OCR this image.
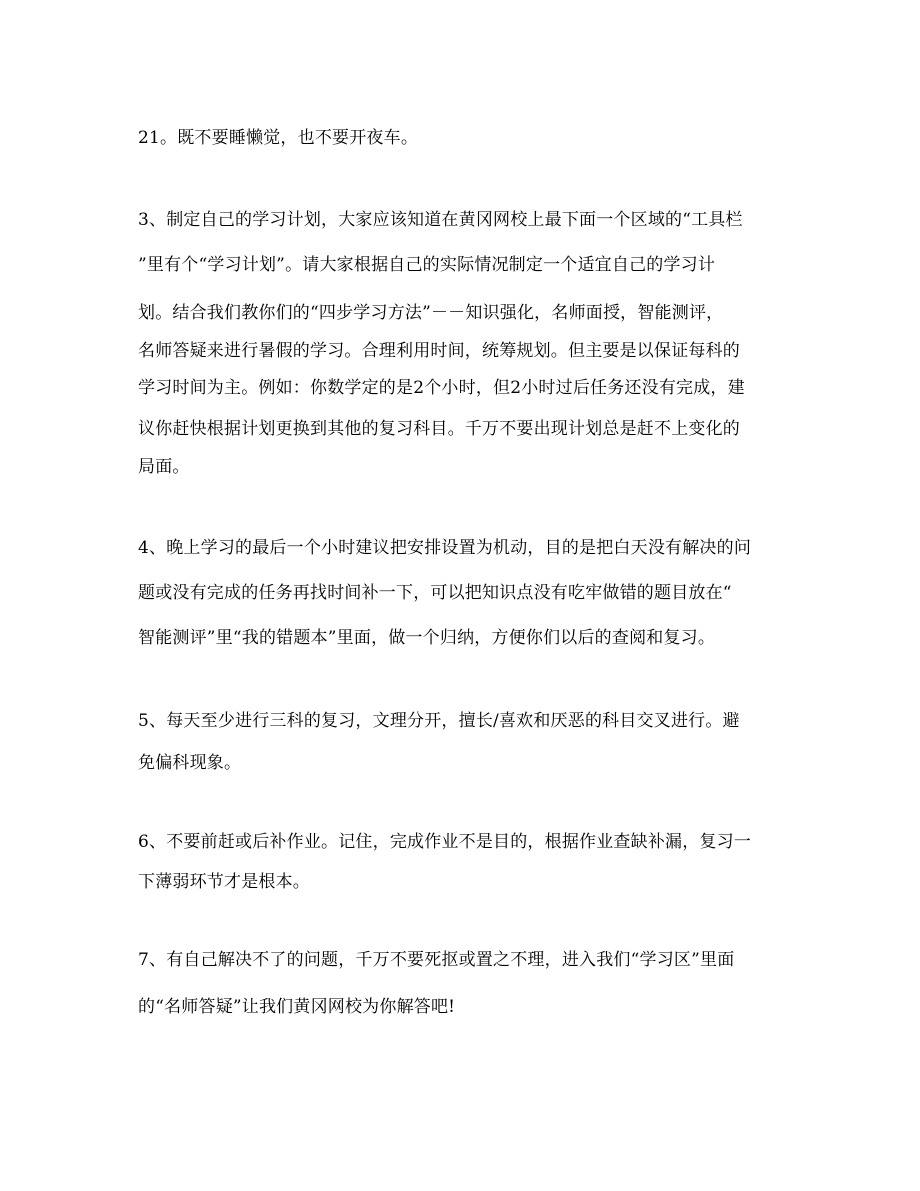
21。既不要睡懒觉，也不要开夜车。
3、制定自己的学习计划，大家应该知道在黄冈网校上最下面一个区域的“工具栏
”里有个“学习计划”。请大家根据自己的实际情况制定一个适宜自己的学习计
划。结合我们教你们的“四步学习方法”－－知识强化，名师面授，智能测评，
名师答疑来进行暑假的学习。合理利用时间，统筹规划。但主要是以保证每科的
学习时间为主。例如：你数学定的是2个小时，但2小时过后任务还没有完成，建
议你赶快根据计划更换到其他的复习科目。千万不要出现计划总是赶不上变化的
局面。
4、晚上学习的最后一个小时建议把安排设置为机动，目的是把白天没有解决的问
题或没有完成的任务再找时间补一下，可以把知识点没有吃牢做错的题目放在“
智能测评”里“我的错题本”里面，做一个归纳，方便你们以后的查阅和复习。
5、每天至少进行三科的复习，文理分开，擅长/喜欢和厌恶的科目交叉进行。避
免偏科现象。
6、不要前赶或后补作业。记住，完成作业不是目的，根据作业查缺补漏，复习一
下薄弱环节才是根本。
7、有自己解决不了的问题，千万不要死抠或置之不理，进入我们“学习区”里面
的“名师答疑”让我们黄冈网校为你解答吧!
